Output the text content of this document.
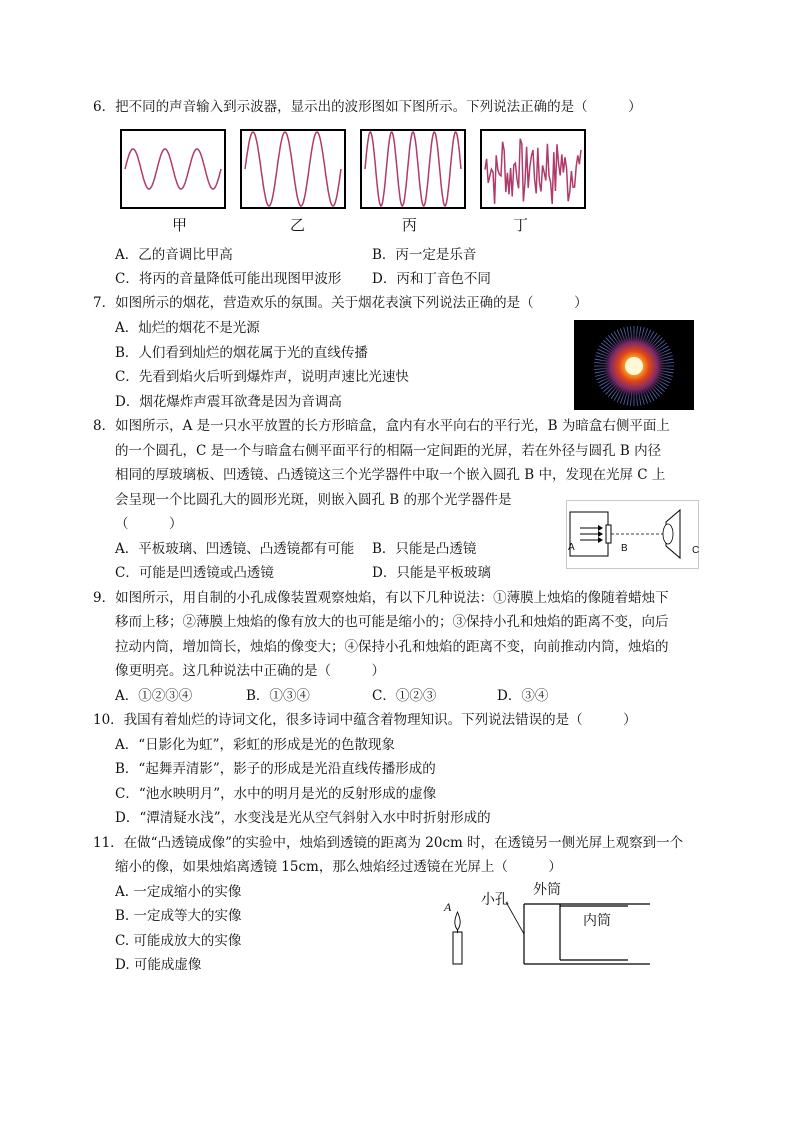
6．把不同的声音输入到示波器，显示出的波形图如下图所示。下列说法正确的是（　　　）
甲	乙	丙	丁
A．乙的音调比甲高	B．丙一定是乐音
C．将丙的音量降低可能出现图甲波形 D．丙和丁音色不同
7．如图所示的烟花，营造欢乐的氛围。关于烟花表演下列说法正确的是（　　　）
A．灿烂的烟花不是光源
B．人们看到灿烂的烟花属于光的直线传播
C．先看到焰火后听到爆炸声，说明声速比光速快
D．烟花爆炸声震耳欲聋是因为音调高
8．如图所示，A 是一只水平放置的长方形暗盒，盒内有水平向右的平行光，B 为暗盒右侧平面上
的一个圆孔，C 是一个与暗盒右侧平面平行的相隔一定间距的光屏，若在外径与圆孔 B 内径
相同的厚玻璃板、凹透镜、凸透镜这三个光学器件中取一个嵌入圆孔 B 中，发现在光屏 C 上
会呈现一个比圆孔大的圆形光斑，则嵌入圆孔 B 的那个光学器件是
（　　　）
A．平板玻璃、凹透镜、凸透镜都有可能 B．只能是凸透镜
C．可能是凹透镜或凸透镜	D．只能是平板玻璃
A	B	C
9．如图所示，用自制的小孔成像装置观察烛焰，有以下几种说法：①薄膜上烛焰的像随着蜡烛下
移而上移；②薄膜上烛焰的像有放大的也可能是缩小的；③保持小孔和烛焰的距离不变，向后
拉动内筒，增加筒长，烛焰的像变大；④保持小孔和烛焰的距离不变，向前推动内筒，烛焰的
像更明亮。这几种说法中正确的是（　　　）
A．①②③④	B．①③④	C．①②③	D．③④
10．我国有着灿烂的诗词文化，很多诗词中蕴含着物理知识。下列说法错误的是（　　　）
A．“日影化为虹”，彩虹的形成是光的色散现象
B．“起舞弄清影”，影子的形成是光沿直线传播形成的
C．“池水映明月”，水中的明月是光的反射形成的虚像
D．“潭清疑水浅”，水变浅是光从空气斜射入水中时折射形成的
11．在做“凸透镜成像”的实验中，烛焰到透镜的距离为 20cm 时，在透镜另一侧光屏上观察到一个
缩小的像，如果烛焰离透镜 15cm，那么烛焰经过透镜在光屏上（　　　）
A. 一定成缩小的实像
B. 一定成等大的实像
C. 可能成放大的实像
D. 可能成虚像
A 小孔
外筒
内筒
